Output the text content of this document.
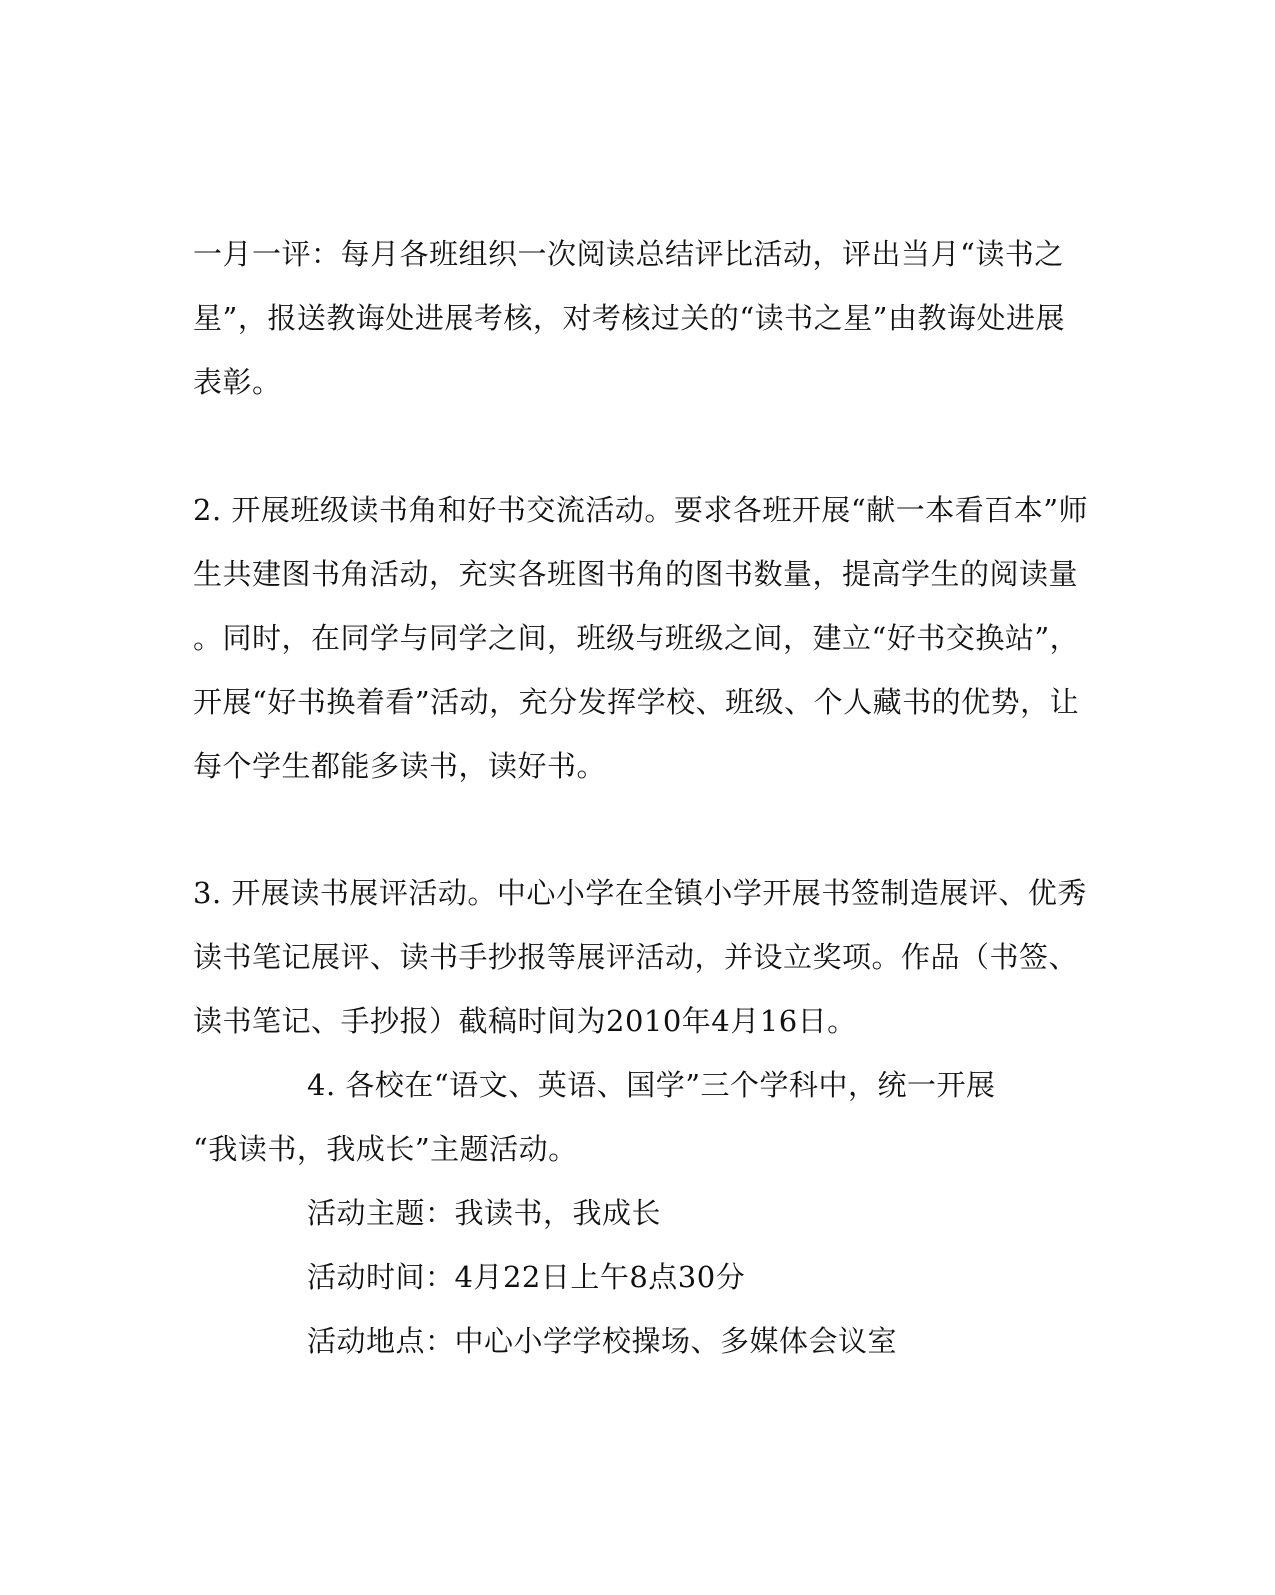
一月一评：每月各班组织一次阅读总结评比活动，评出当月“读书之
星”，报送教诲处进展考核，对考核过关的“读书之星”由教诲处进展
表彰。
2. 开展班级读书角和好书交流活动。要求各班开展“献一本看百本”师
生共建图书角活动，充实各班图书角的图书数量，提高学生的阅读量
。同时，在同学与同学之间，班级与班级之间，建立“好书交换站”，
开展“好书换着看”活动，充分发挥学校、班级、个人藏书的优势，让
每个学生都能多读书，读好书。
3. 开展读书展评活动。中心小学在全镇小学开展书签制造展评、优秀
读书笔记展评、读书手抄报等展评活动，并设立奖项。作品（书签、
读书笔记、手抄报）截稿时间为2010年4月16日。
4. 各校在“语文、英语、国学”三个学科中，统一开展
“我读书，我成长”主题活动。
活动主题：我读书，我成长
活动时间：4月22日上午8点30分
活动地点：中心小学学校操场、多媒体会议室
